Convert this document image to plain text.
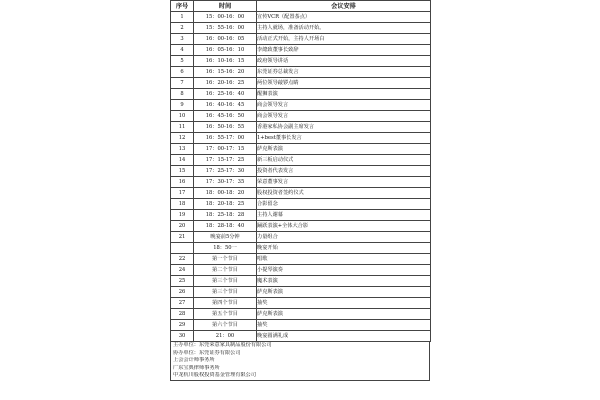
序号	时间	会议安排
1	15：00-16：00	宣传VCR（配置茶点）
2	15：55-16：00	主持人就场，准备活动开始。
3	16：00-16：05	活动正式开始，主持人开场白
4	16：05-16：10	李總致董事长致辞
5	16：10-16：15	政府领导讲话
6	16：15-16：20	东莞证券总裁发言
7	16：20-16：25	两位领导敲锣点睛
8	16：25-16：40	醒狮表演
9	16：40-16：45	商会领导发言
10	16：45-16：50	商会领导发言
11	16：50-16：55	香港家私协会副主席发言
12	16：55-17：00	1+best董事长发言
13	17：00-17：15	萨克斯表演
14	17：15-17：25	新三板启动仪式
15	17：25-17：30	投资者代表发言
16	17：30-17：35	荣意董事发言
17	18：00-18：20	股权投资者签约仪式
18	18：20-18：25	合影留念
19	18：25-18：28	主持人谢幕
20	18：28-18：40	踊跃表演+全体大合影
21	晚宴前5分钟	力量组合
	18：50一	晚宴开始
22	第一个节目	唱歌
24	第二个节目	小提琴演奏
25	第三个节目	魔术表演
26	第三个节目	萨克斯表演
27	第四个节目	抽奖
28	第五个节目	萨克斯表演
29	第六个节目	抽奖
30	21：00	晚宴圆满礼成
主办单位：东莞荣意家具制品股份有限公司
协办单位：东莞证券有限公司
上会会计师事务所
广东宝典律师事务所
中龙杭川股权投资基金管理有限公司
